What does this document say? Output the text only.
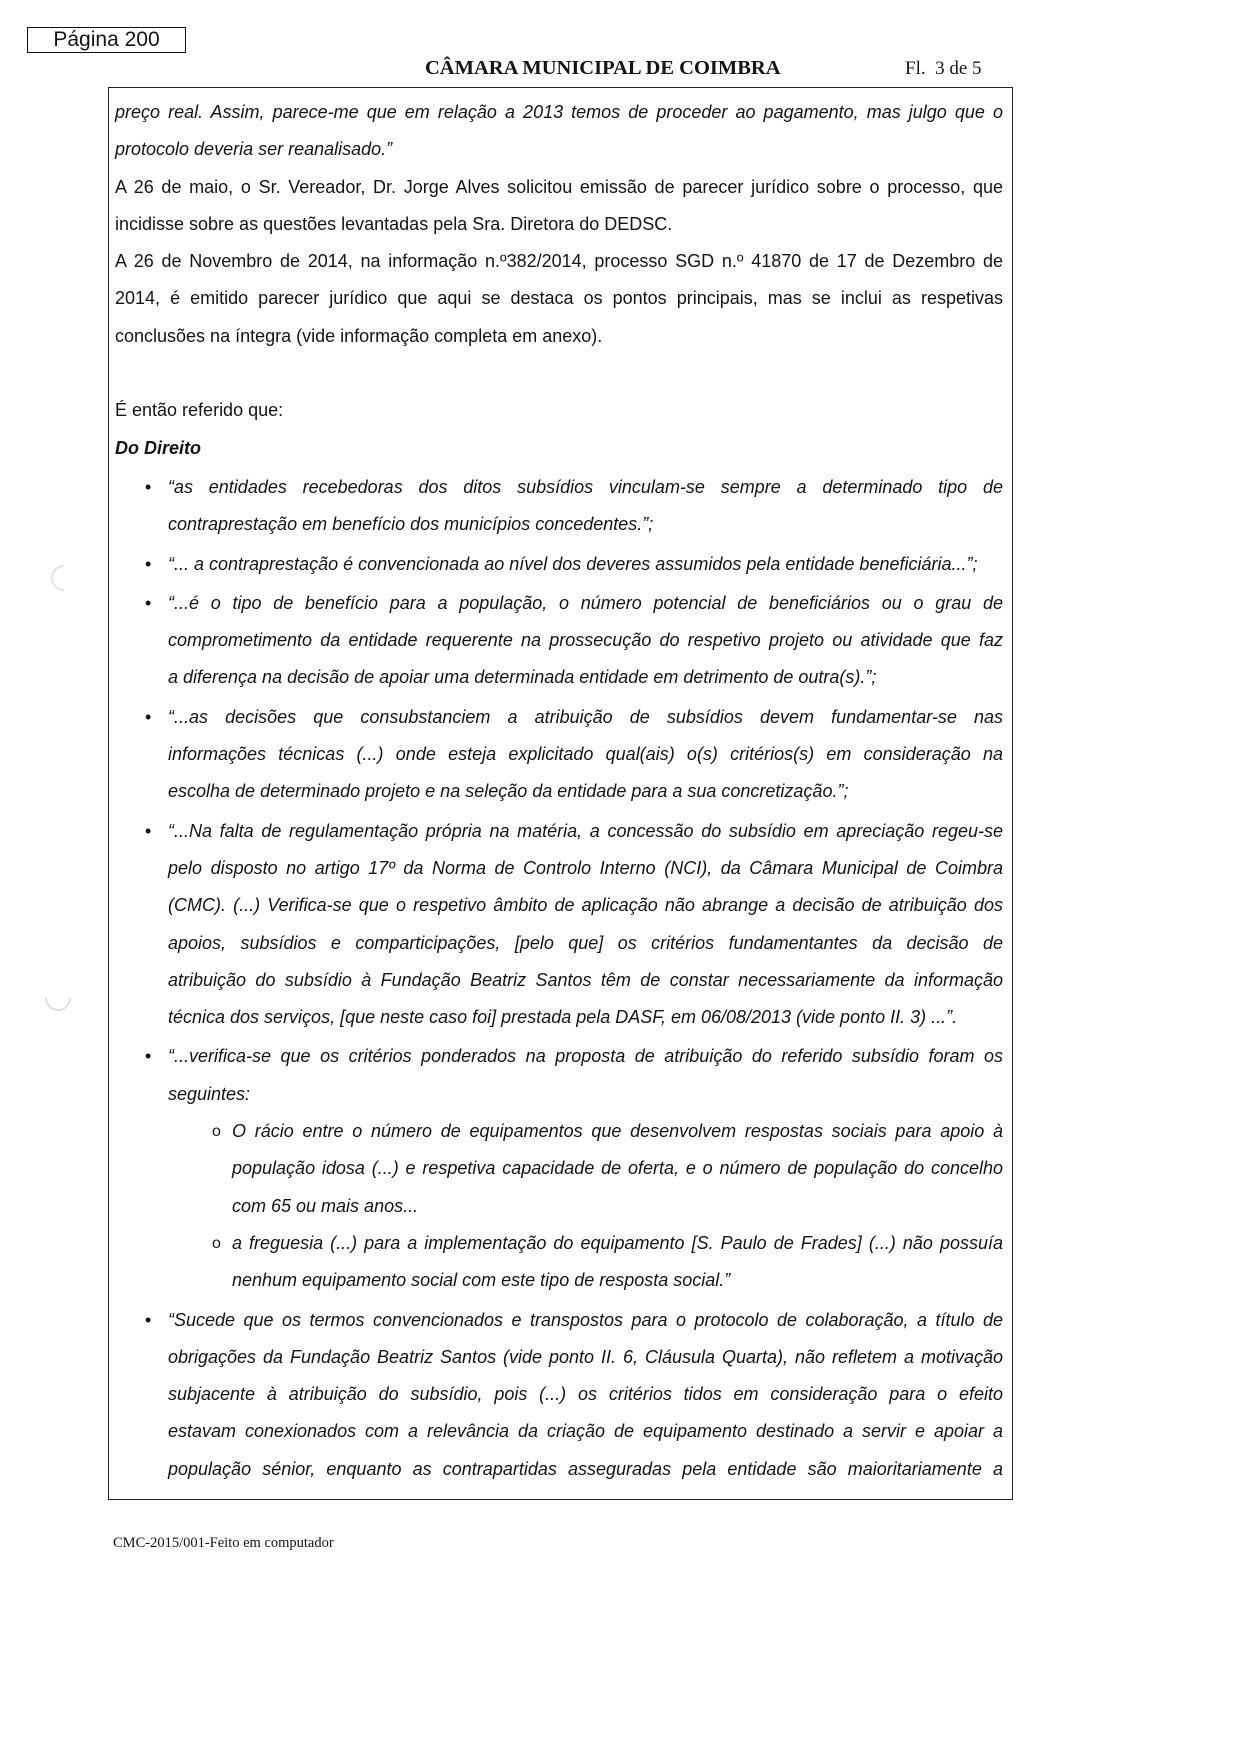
Página 200
CÂMARA MUNICIPAL DE COIMBRA	Fl.  3 de 5
preço real. Assim, parece-me que em relação a 2013 temos de proceder ao pagamento, mas julgo que o
protocolo deveria ser reanalisado.”
A 26 de maio, o Sr. Vereador, Dr. Jorge Alves solicitou emissão de parecer jurídico sobre o processo, que
incidisse sobre as questões levantadas pela Sra. Diretora do DEDSC.
A 26 de Novembro de 2014, na informação n.º382/2014, processo SGD n.º 41870 de 17 de Dezembro de
2014, é emitido parecer jurídico que aqui se destaca os pontos principais, mas se inclui as respetivas
conclusões na íntegra (vide informação completa em anexo).
É então referido que:
Do Direito
• “as entidades recebedoras dos ditos subsídios vinculam-se sempre a determinado tipo de
contraprestação em benefício dos municípios concedentes.”;
• “... a contraprestação é convencionada ao nível dos deveres assumidos pela entidade beneficiária...”;
• “...é o tipo de benefício para a população, o número potencial de beneficiários ou o grau de
comprometimento da entidade requerente na prossecução do respetivo projeto ou atividade que faz
a diferença na decisão de apoiar uma determinada entidade em detrimento de outra(s).”;
• “...as decisões que consubstanciem a atribuição de subsídios devem fundamentar-se nas
informações técnicas (...) onde esteja explicitado qual(ais) o(s) critérios(s) em consideração na
escolha de determinado projeto e na seleção da entidade para a sua concretização.”;
• “...Na falta de regulamentação própria na matéria, a concessão do subsídio em apreciação regeu-se
pelo disposto no artigo 17º da Norma de Controlo Interno (NCI), da Câmara Municipal de Coimbra
(CMC). (...) Verifica-se que o respetivo âmbito de aplicação não abrange a decisão de atribuição dos
apoios, subsídios e comparticipações, [pelo que] os critérios fundamentantes da decisão de
atribuição do subsídio à Fundação Beatriz Santos têm de constar necessariamente da informação
técnica dos serviços, [que neste caso foi] prestada pela DASF, em 06/08/2013 (vide ponto II. 3) ...”.
• “...verifica-se que os critérios ponderados na proposta de atribuição do referido subsídio foram os
seguintes:
o O rácio entre o número de equipamentos que desenvolvem respostas sociais para apoio à
população idosa (...) e respetiva capacidade de oferta, e o número de população do concelho
com 65 ou mais anos...
o a freguesia (...) para a implementação do equipamento [S. Paulo de Frades] (...) não possuía
nenhum equipamento social com este tipo de resposta social.”
• “Sucede que os termos convencionados e transpostos para o protocolo de colaboração, a título de
obrigações da Fundação Beatriz Santos (vide ponto II. 6, Cláusula Quarta), não refletem a motivação
subjacente à atribuição do subsídio, pois (...) os critérios tidos em consideração para o efeito
estavam conexionados com a relevância da criação de equipamento destinado a servir e apoiar a
população sénior, enquanto as contrapartidas asseguradas pela entidade são maioritariamente a
CMC-2015/001-Feito em computador
